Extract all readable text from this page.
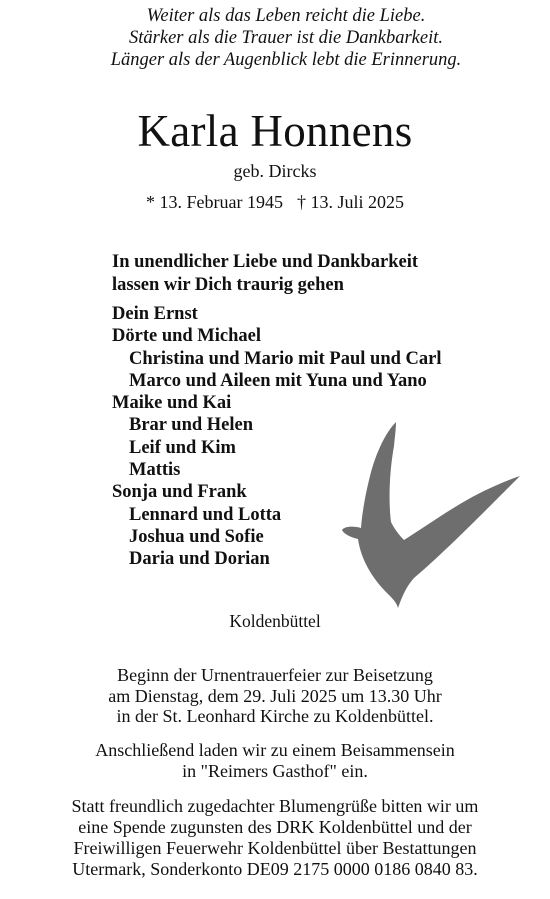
Weiter als das Leben reicht die Liebe.
Stärker als die Trauer ist die Dankbarkeit.
Länger als der Augenblick lebt die Erinnerung.
Karla Honnens
geb. Dircks
* 13. Februar 1945 † 13. Juli 2025
In unendlicher Liebe und Dankbarkeit
lassen wir Dich traurig gehen
Dein Ernst
Dörte und Michael
Christina und Mario mit Paul und Carl
Marco und Aileen mit Yuna und Yano
Maike und Kai
Brar und Helen
Leif und Kim
Mattis
Sonja und Frank
Lennard und Lotta
Joshua und Sofie
Daria und Dorian
Koldenbüttel
Beginn der Urnentrauerfeier zur Beisetzung
am Dienstag, dem 29. Juli 2025 um 13.30 Uhr
in der St. Leonhard Kirche zu Koldenbüttel.
Anschließend laden wir zu einem Beisammensein
in "Reimers Gasthof" ein.
Statt freundlich zugedachter Blumengrüße bitten wir um
eine Spende zugunsten des DRK Koldenbüttel und der
Freiwilligen Feuerwehr Koldenbüttel über Bestattungen
Utermark, Sonderkonto DE09 2175 0000 0186 0840 83.
